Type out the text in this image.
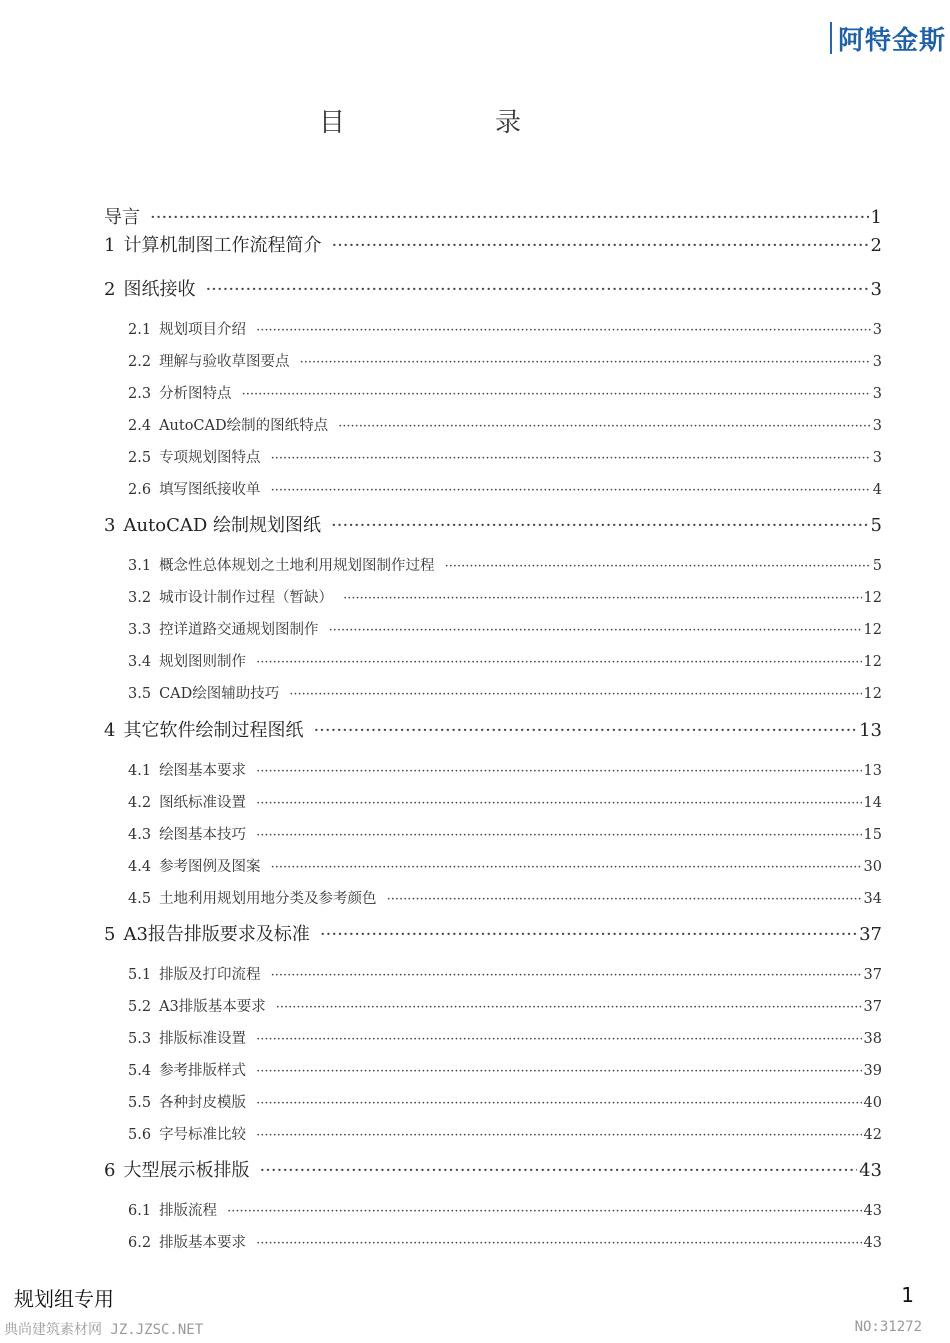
阿特金斯
目录
导言 ·····	1
1 计算机制图工作流程简介 ·····	2
2 图纸接收 ·····	3
2.1 规划项目介绍 ·····	3
2.2 理解与验收草图要点 ·····	3
2.3 分析图特点 ·····	3
2.4 AutoCAD绘制的图纸特点 ·····	3
2.5 专项规划图特点 ·····	3
2.6 填写图纸接收单 ·····	4
3 AutoCAD 绘制规划图纸 ·····	5
3.1 概念性总体规划之土地利用规划图制作过程 ·····	5
3.2 城市设计制作过程（暂缺） ·····	12
3.3 控详道路交通规划图制作 ·····	12
3.4 规划图则制作 ·····	12
3.5 CAD绘图辅助技巧 ·····	12
4 其它软件绘制过程图纸 ·····	13
4.1 绘图基本要求 ·····	13
4.2 图纸标准设置 ·····	14
4.3 绘图基本技巧 ·····	15
4.4 参考图例及图案 ·····	30
4.5 土地利用规划用地分类及参考颜色 ·····	34
5 A3报告排版要求及标准 ·····	37
5.1 排版及打印流程 ·····	37
5.2 A3排版基本要求 ·····	37
5.3 排版标准设置 ·····	38
5.4 参考排版样式 ·····	39
5.5 各种封皮模版 ·····	40
5.6 字号标准比较 ·····	42
6 大型展示板排版 ·····	43
6.1 排版流程 ·····	43
6.2 排版基本要求 ·····	43
规划组专用	1
典尚建筑素材网 JZ.JZSC.NET	NO:31272
